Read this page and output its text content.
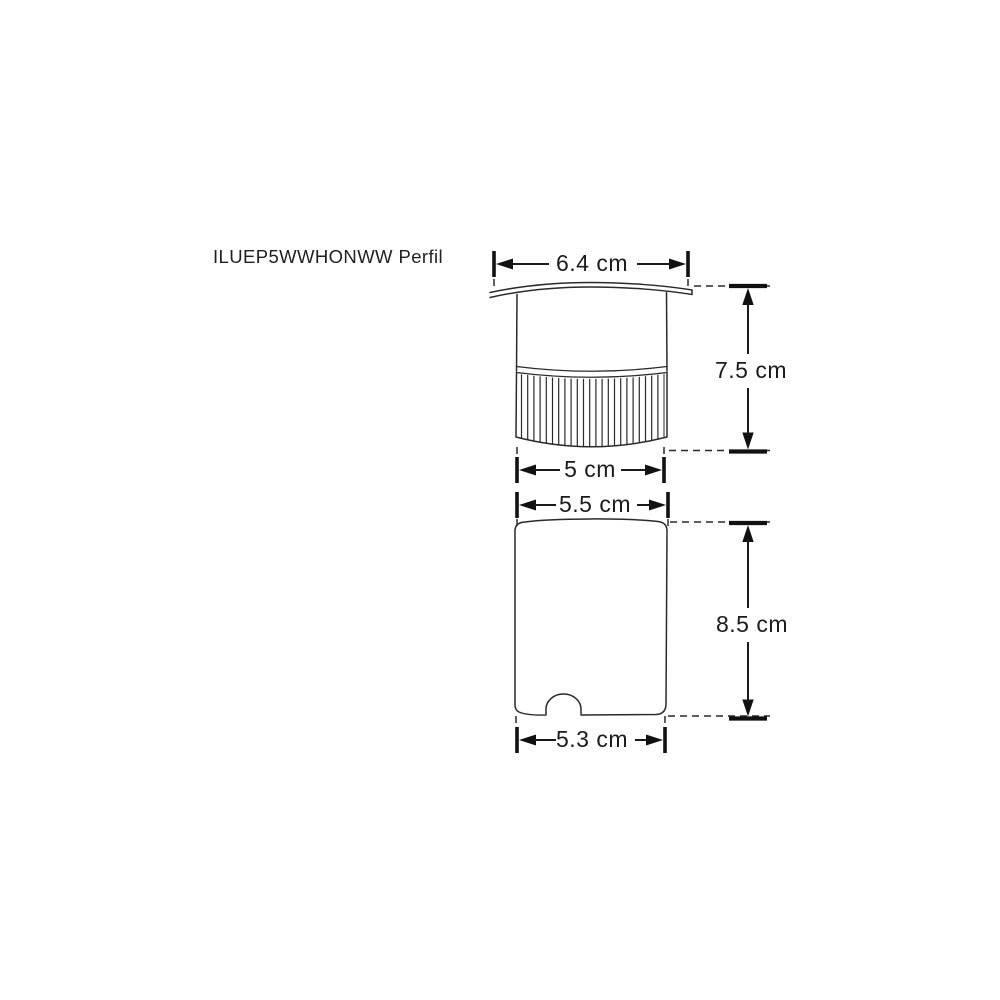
ILUEP5WWHONWW Perfil	6.4 cm
7.5 cm
5 cm
5.5 cm
8.5 cm
5.3 cm
